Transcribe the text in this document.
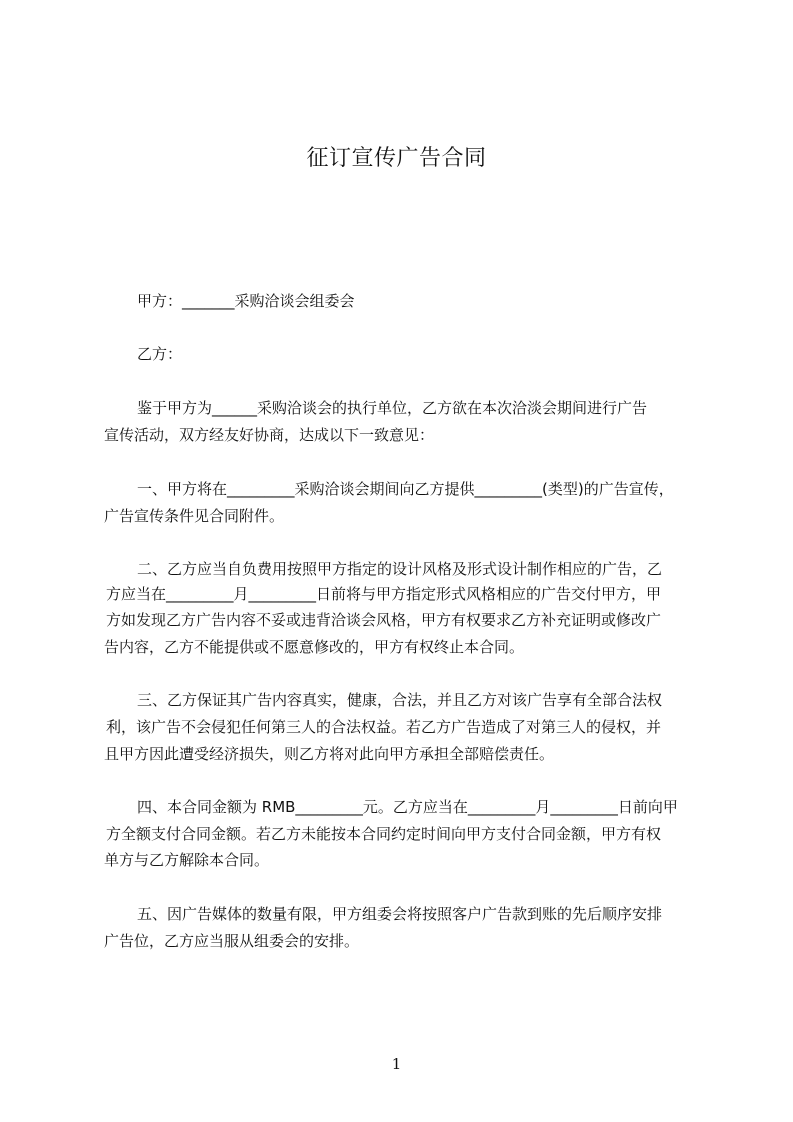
征订宣传广告合同
甲方：_______采购洽谈会组委会
乙方：
鉴于甲方为______采购洽谈会的执行单位，乙方欲在本次洽淡会期间进行广告
宣传活动，双方经友好协商，达成以下一致意见：
一、甲方将在_________采购洽谈会期间向乙方提供_________(类型)的广告宣传，
广告宣传条件见合同附件。
二、乙方应当自负费用按照甲方指定的设计风格及形式设计制作相应的广告，乙
方应当在_________月_________日前将与甲方指定形式风格相应的广告交付甲方，甲
方如发现乙方广告内容不妥或违背洽谈会风格，甲方有权要求乙方补充证明或修改广
告内容，乙方不能提供或不愿意修改的，甲方有权终止本合同。
三、乙方保证其广告内容真实，健康，合法，并且乙方对该广告享有全部合法权
利，该广告不会侵犯任何第三人的合法权益。若乙方广告造成了对第三人的侵权，并
且甲方因此遭受经济损失，则乙方将对此向甲方承担全部赔偿责任。
四、本合同金额为 RMB_________元。乙方应当在_________月_________日前向甲
方全额支付合同金额。若乙方未能按本合同约定时间向甲方支付合同金额，甲方有权
单方与乙方解除本合同。
五、因广告媒体的数量有限，甲方组委会将按照客户广告款到账的先后顺序安排
广告位，乙方应当服从组委会的安排。
1
